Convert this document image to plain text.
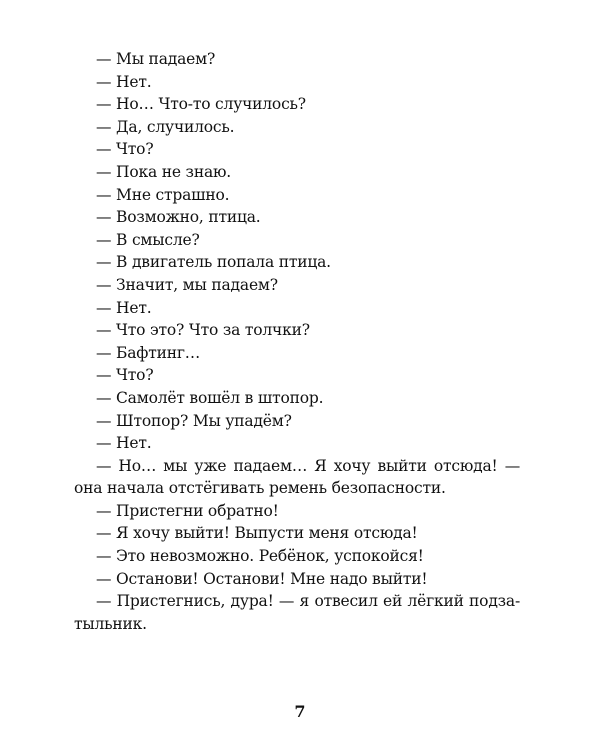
— Мы падаем?
— Нет.
— Но… Что-то случилось?
— Да, случилось.
— Что?
— Пока не знаю.
— Мне страшно.
— Возможно, птица.
— В смысле?
— В двигатель попала птица.
— Значит, мы падаем?
— Нет.
— Что это? Что за толчки?
— Бафтинг…
— Что?
— Самолёт вошёл в штопор.
— Штопор? Мы упадём?
— Нет.
— Но… мы уже падаем… Я хочу выйти отсюда! —
она начала отстёгивать ремень безопасности.
— Пристегни обратно!
— Я хочу выйти! Выпусти меня отсюда!
— Это невозможно. Ребёнок, успокойся!
— Останови! Останови! Мне надо выйти!
— Пристегнись, дура! — я отвесил ей лёгкий подза-
тыльник.
7
